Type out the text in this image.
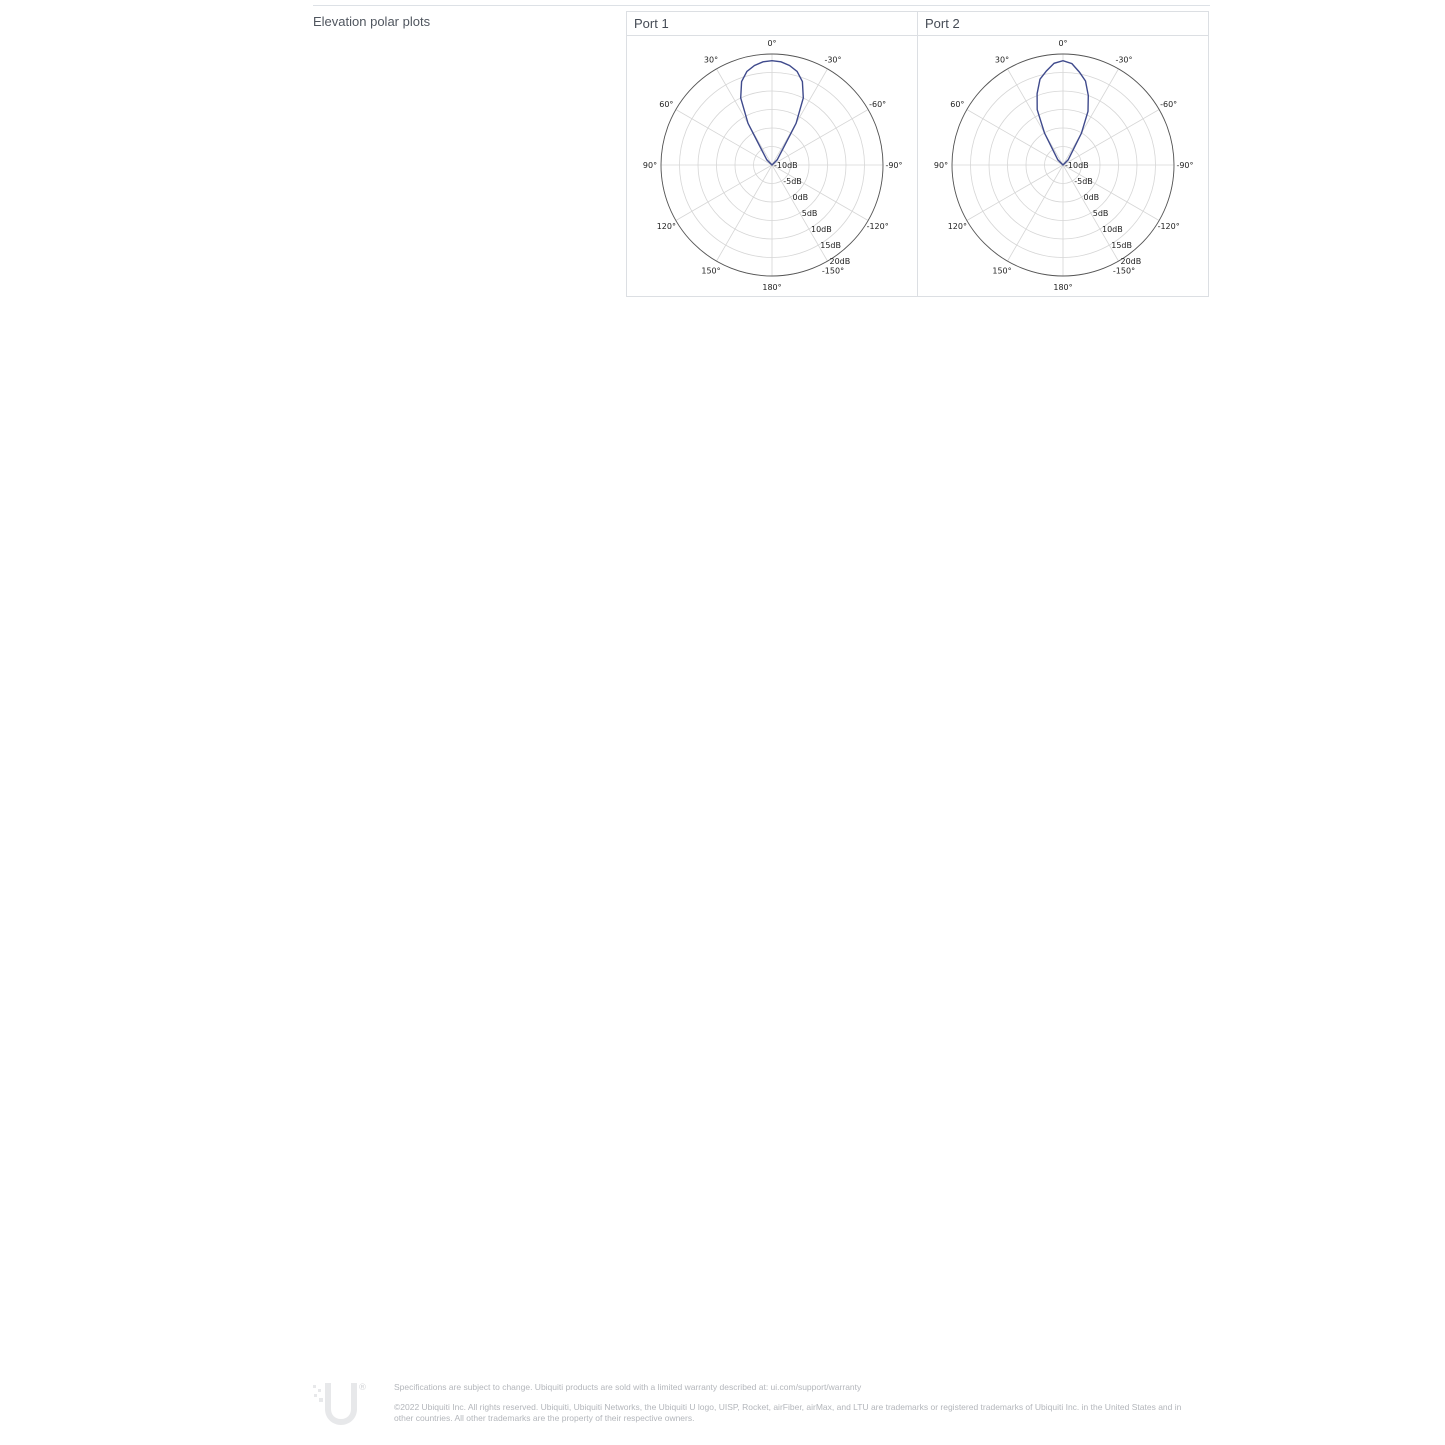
Elevation polar plots	Port 1
0°
-30°
-60°
-90°
-120°
-150°
180°
150°
120°
90°
60°
30°
-10dB
-5dB
0dB
5dB
10dB
15dB
20dB
Port 2
0°
-30°
-60°
-90°
-120°
-150°
180°
150°
120°
90°
60°
30°
-10dB
-5dB
0dB
5dB
10dB
15dB
20dB
®	Specifications are subject to change. Ubiquiti products are sold with a limited warranty described at: ui.com/support/warranty
©2022 Ubiquiti Inc. All rights reserved. Ubiquiti, Ubiquiti Networks, the Ubiquiti U logo, UISP, Rocket, airFiber, airMax, and LTU are trademarks or registered trademarks of Ubiquiti Inc. in the United States and in other countries. All other trademarks are the property of their respective owners.
